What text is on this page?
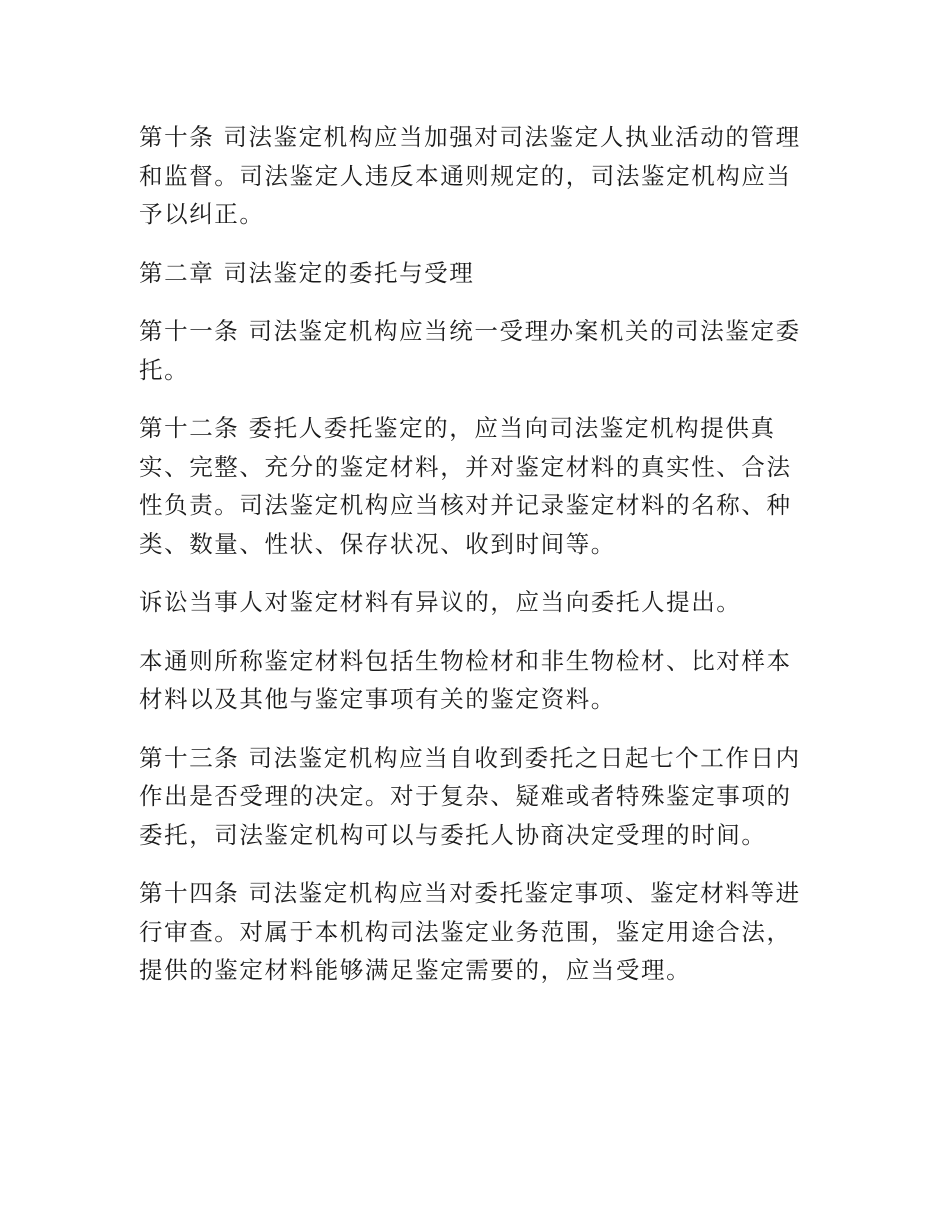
第十条 司法鉴定机构应当加强对司法鉴定人执业活动的管理和监督。司法鉴定人违反本通则规定的，司法鉴定机构应当予以纠正。

第二章 司法鉴定的委托与受理

第十一条 司法鉴定机构应当统一受理办案机关的司法鉴定委托。

第十二条 委托人委托鉴定的，应当向司法鉴定机构提供真实、完整、充分的鉴定材料，并对鉴定材料的真实性、合法性负责。司法鉴定机构应当核对并记录鉴定材料的名称、种类、数量、性状、保存状况、收到时间等。

诉讼当事人对鉴定材料有异议的，应当向委托人提出。

本通则所称鉴定材料包括生物检材和非生物检材、比对样本材料以及其他与鉴定事项有关的鉴定资料。

第十三条 司法鉴定机构应当自收到委托之日起七个工作日内作出是否受理的决定。对于复杂、疑难或者特殊鉴定事项的委托，司法鉴定机构可以与委托人协商决定受理的时间。

第十四条 司法鉴定机构应当对委托鉴定事项、鉴定材料等进行审查。对属于本机构司法鉴定业务范围，鉴定用途合法，提供的鉴定材料能够满足鉴定需要的，应当受理。
